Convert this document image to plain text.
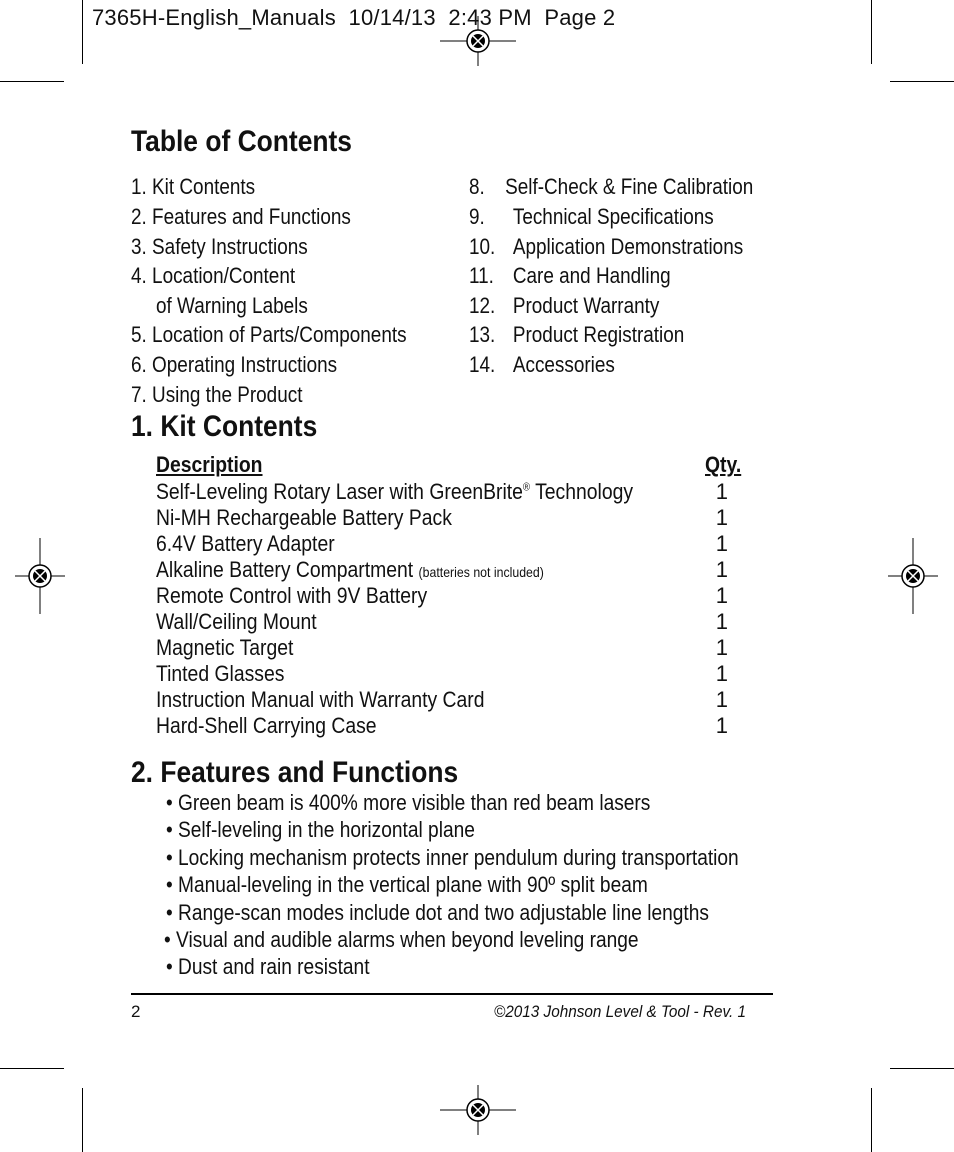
7365H-English_Manuals  10/14/13  2:43 PM  Page 2
Table of Contents
1. Kit Contents
2. Features and Functions
3. Safety Instructions
4. Location/Content
of Warning Labels
5. Location of Parts/Components
6. Operating Instructions
7. Using the Product
8. Self-Check & Fine Calibration
9. Technical Specifications
10. Application Demonstrations
11. Care and Handling
12. Product Warranty
13. Product Registration
14. Accessories
1. Kit Contents
Description	Qty.
Self-Leveling Rotary Laser with GreenBrite® Technology	1
Ni-MH Rechargeable Battery Pack	1
6.4V Battery Adapter	1
Alkaline Battery Compartment (batteries not included)	1
Remote Control with 9V Battery	1
Wall/Ceiling Mount	1
Magnetic Target	1
Tinted Glasses	1
Instruction Manual with Warranty Card	1
Hard-Shell Carrying Case	1
2. Features and Functions
• Green beam is 400% more visible than red beam lasers
• Self-leveling in the horizontal plane
• Locking mechanism protects inner pendulum during transportation
• Manual-leveling in the vertical plane with 90º split beam
• Range-scan modes include dot and two adjustable line lengths
• Visual and audible alarms when beyond leveling range
• Dust and rain resistant
2	©2013 Johnson Level & Tool - Rev. 1
